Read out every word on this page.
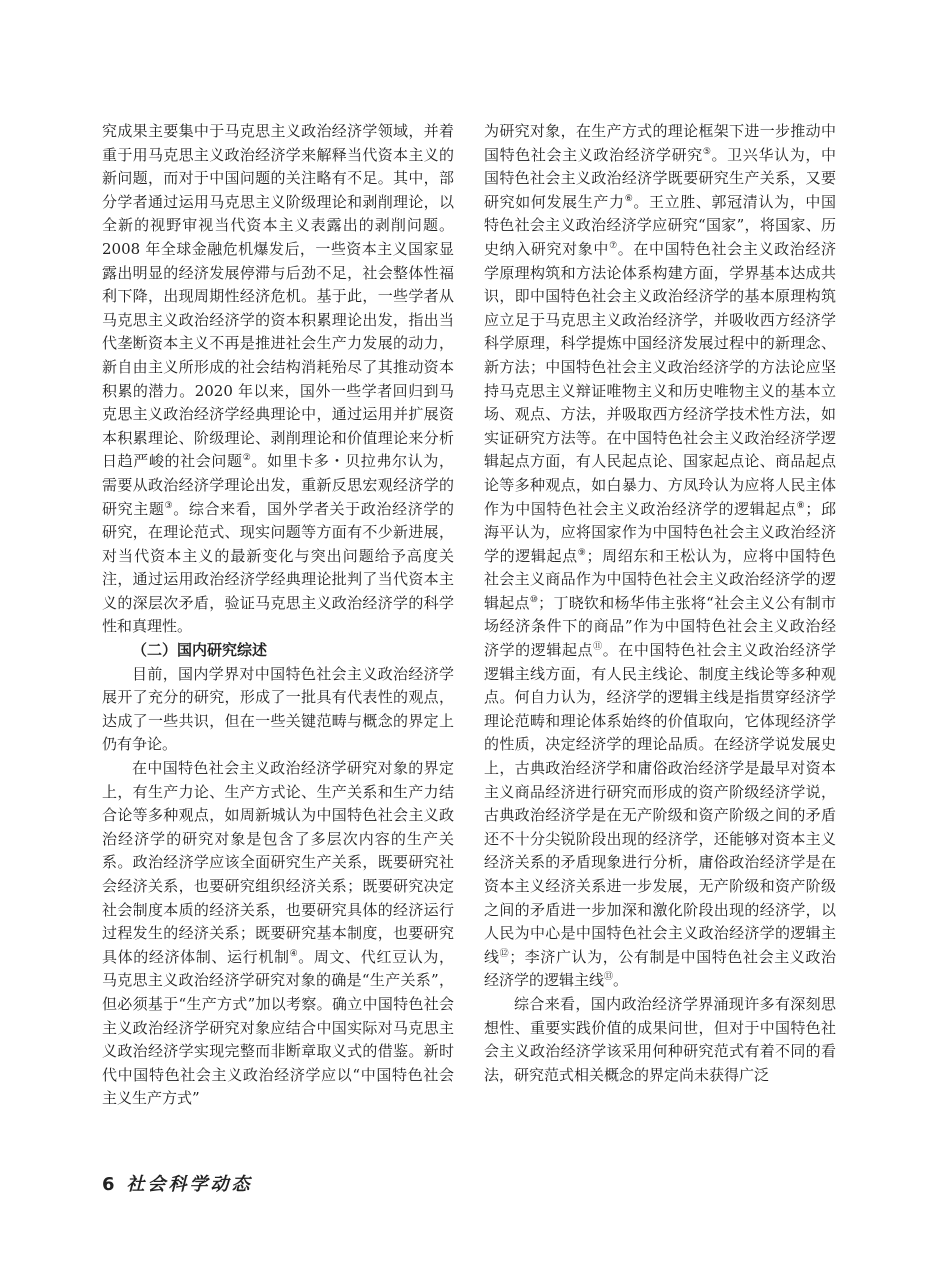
究成果主要集中于马克思主义政治经济学领域，并着重于用马克思主义政治经济学来解释当代资本主义的新问题，而对于中国问题的关注略有不足。其中，部分学者通过运用马克思主义阶级理论和剥削理论，以全新的视野审视当代资本主义表露出的剥削问题。2008 年全球金融危机爆发后，一些资本主义国家显露出明显的经济发展停滞与后劲不足，社会整体性福利下降，出现周期性经济危机。基于此，一些学者从马克思主义政治经济学的资本积累理论出发，指出当代垄断资本主义不再是推进社会生产力发展的动力，新自由主义所形成的社会结构消耗殆尽了其推动资本积累的潜力。2020 年以来，国外一些学者回归到马克思主义政治经济学经典理论中，通过运用并扩展资本积累理论、阶级理论、剥削理论和价值理论来分析日趋严峻的社会问题②。如里卡多・贝拉弗尔认为，需要从政治经济学理论出发，重新反思宏观经济学的研究主题③。综合来看，国外学者关于政治经济学的研究，在理论范式、现实问题等方面有不少新进展，对当代资本主义的最新变化与突出问题给予高度关注，通过运用政治经济学经典理论批判了当代资本主义的深层次矛盾，验证马克思主义政治经济学的科学性和真理性。

（二）国内研究综述

目前，国内学界对中国特色社会主义政治经济学展开了充分的研究，形成了一批具有代表性的观点，达成了一些共识，但在一些关键范畴与概念的界定上仍有争论。

在中国特色社会主义政治经济学研究对象的界定上，有生产力论、生产方式论、生产关系和生产力结合论等多种观点，如周新城认为中国特色社会主义政治经济学的研究对象是包含了多层次内容的生产关系。政治经济学应该全面研究生产关系，既要研究社会经济关系，也要研究组织经济关系；既要研究决定社会制度本质的经济关系，也要研究具体的经济运行过程发生的经济关系；既要研究基本制度，也要研究具体的经济体制、运行机制④。周文、代红豆认为，马克思主义政治经济学研究对象的确是“生产关系”，但必须基于“生产方式”加以考察。确立中国特色社会主义政治经济学研究对象应结合中国实际对马克思主义政治经济学实现完整而非断章取义式的借鉴。新时代中国特色社会主义政治经济学应以“中国特色社会主义生产方式”

为研究对象，在生产方式的理论框架下进一步推动中国特色社会主义政治经济学研究⑤。卫兴华认为，中国特色社会主义政治经济学既要研究生产关系，又要研究如何发展生产力⑥。王立胜、郭冠清认为，中国特色社会主义政治经济学应研究“国家”，将国家、历史纳入研究对象中⑦。在中国特色社会主义政治经济学原理构筑和方法论体系构建方面，学界基本达成共识，即中国特色社会主义政治经济学的基本原理构筑应立足于马克思主义政治经济学，并吸收西方经济学科学原理，科学提炼中国经济发展过程中的新理念、新方法；中国特色社会主义政治经济学的方法论应坚持马克思主义辩证唯物主义和历史唯物主义的基本立场、观点、方法，并吸取西方经济学技术性方法，如实证研究方法等。在中国特色社会主义政治经济学逻辑起点方面，有人民起点论、国家起点论、商品起点论等多种观点，如白暴力、方凤玲认为应将人民主体作为中国特色社会主义政治经济学的逻辑起点⑧；邱海平认为，应将国家作为中国特色社会主义政治经济学的逻辑起点⑨；周绍东和王松认为，应将中国特色社会主义商品作为中国特色社会主义政治经济学的逻辑起点⑩；丁晓钦和杨华伟主张将“社会主义公有制市场经济条件下的商品”作为中国特色社会主义政治经济学的逻辑起点⑪。在中国特色社会主义政治经济学逻辑主线方面，有人民主线论、制度主线论等多种观点。何自力认为，经济学的逻辑主线是指贯穿经济学理论范畴和理论体系始终的价值取向，它体现经济学的性质，决定经济学的理论品质。在经济学说发展史上，古典政治经济学和庸俗政治经济学是最早对资本主义商品经济进行研究而形成的资产阶级经济学说，古典政治经济学是在无产阶级和资产阶级之间的矛盾还不十分尖锐阶段出现的经济学，还能够对资本主义经济关系的矛盾现象进行分析，庸俗政治经济学是在资本主义经济关系进一步发展，无产阶级和资产阶级之间的矛盾进一步加深和激化阶段出现的经济学，以人民为中心是中国特色社会主义政治经济学的逻辑主线⑫；李济广认为，公有制是中国特色社会主义政治经济学的逻辑主线⑬。

综合来看，国内政治经济学界涌现许多有深刻思想性、重要实践价值的成果问世，但对于中国特色社会主义政治经济学该采用何种研究范式有着不同的看法，研究范式相关概念的界定尚未获得广泛

6 社会科学动态
